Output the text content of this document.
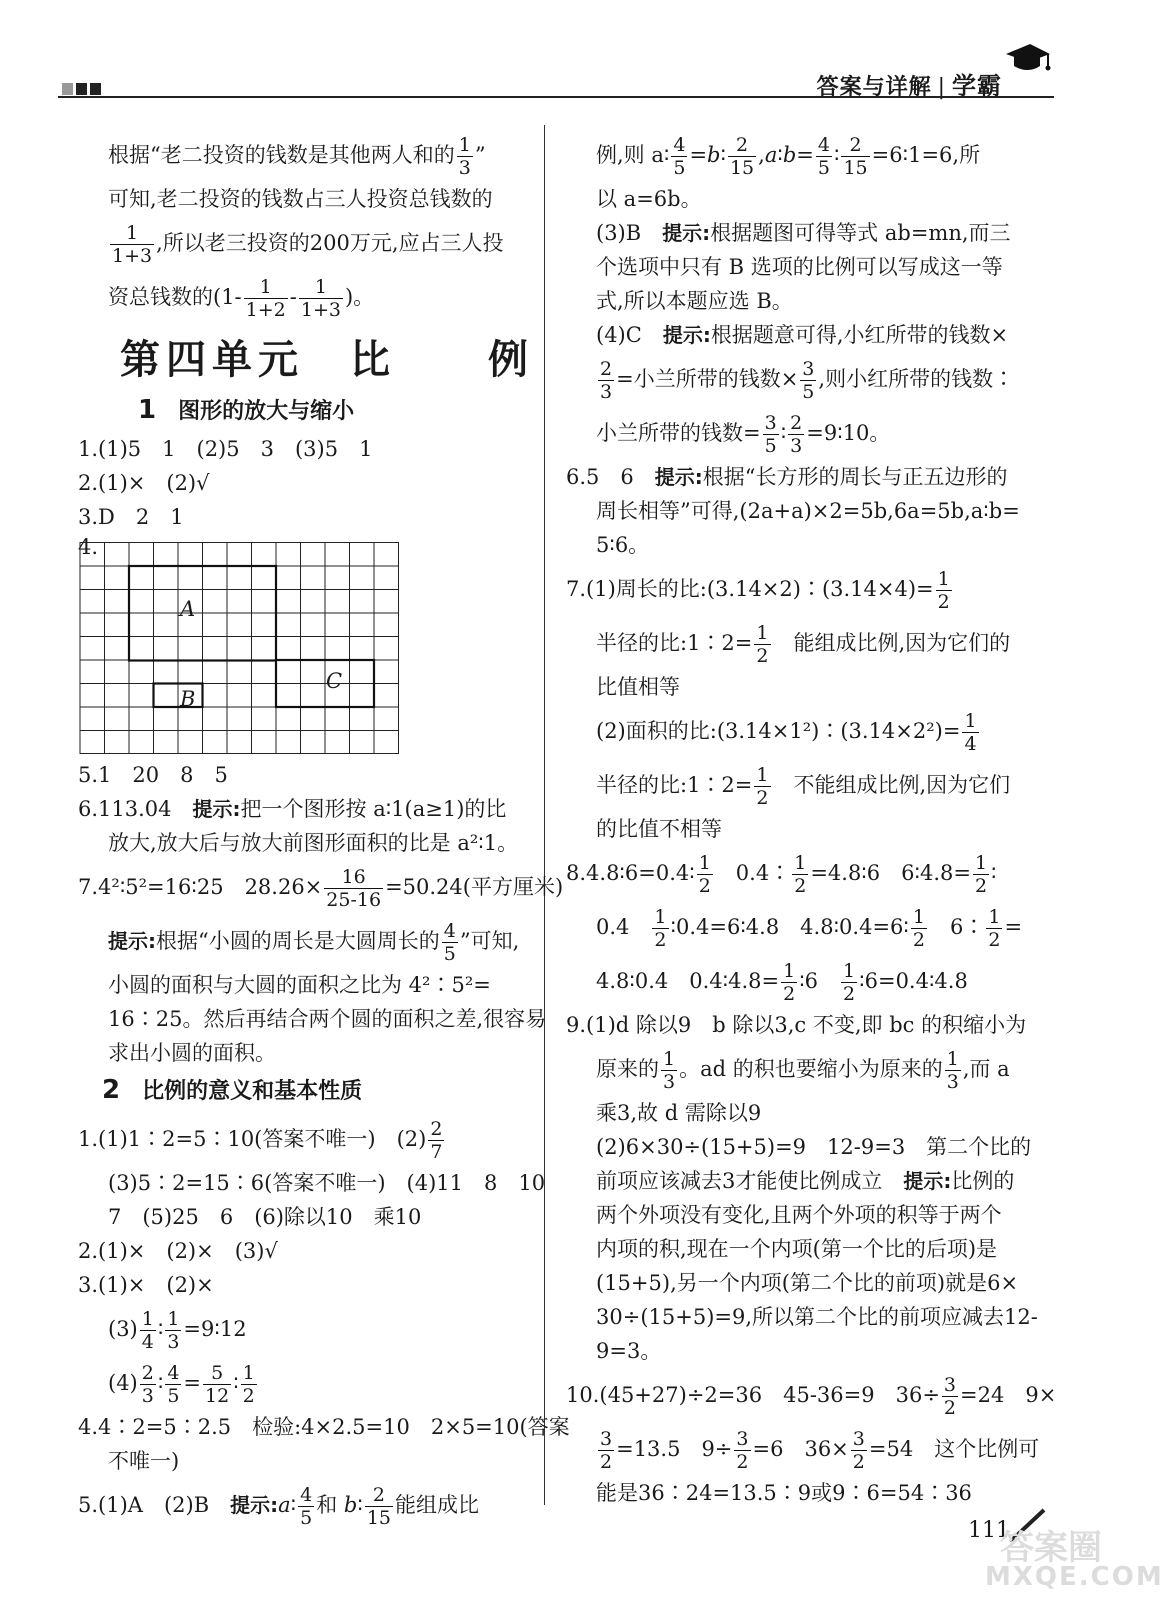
答案与详解 | 学霸
根据“老二投资的钱数是其他两人和的 $\frac{1}{3}$ ”
可知,老二投资的钱数占三人投资总钱数的
$\frac{1}{1+3}$ ,所以老三投资的200万元,应占三人投
资总钱数的($1- \frac{1}{1+2} - \frac{1}{1+3}$ )。
第四单元　比　　例
1 图形的放大与缩小
1.(1)5　1　(2)5　3　(3)5　1
2.(1)×　(2)√
3.D　2　1
4.
A
B
C
5.1　20　8　5
6.113.04　提示:把一个图形按 a∶1(a≥1)的比
放大,放大后与放大前图形面积的比是 a²∶1。
7.4²∶5²=16∶25　$28.26\times \frac{16}{25-16} =50.24$(平方厘米)
提示:根据“小圆的周长是大圆周长的 $\frac{4}{5}$ ”可知,
小圆的面积与大圆的面积之比为 4²∶5²=
16∶25。然后再结合两个圆的面积之差,很容易
求出小圆的面积。
2 比例的意义和基本性质
1.(1)1∶2=5∶10(答案不唯一)　$(2) \frac{2}{7}$
(3)5∶2=15∶6(答案不唯一)　(4)11　8　10
7　(5)25　6　(6)除以10　乘10
2.(1)×　(2)×　(3)√
3.(1)×　(2)×
$(3) \frac{1}{4}$ ∶ $\frac{1}{3}$ =9∶12
$(4) \frac{2}{3}$ ∶ $\frac{4}{5} = \frac{5}{12}$ ∶ $\frac{1}{2}$
4.4∶2=5∶2.5　检验:4×2.5=10　2×5=10(答案
不唯一)
5.(1)A　(2)B　提示:a∶ $\frac{4}{5}$ 和 b∶ $\frac{2}{15}$ 能组成比
例,则 a∶ $\frac{4}{5}$ =b∶ $\frac{2}{15}$ ,a∶b= $\frac{4}{5}$ ∶ $\frac{2}{15}$ =6∶1=6,所
以 a=6b。
(3)B　提示:根据题图可得等式 ab=mn,而三
个选项中只有 B 选项的比例可以写成这一等
式,所以本题应选 B。
(4)C　提示:根据题意可得,小红所带的钱数×
$\frac{2}{3}$ =小兰所带的钱数× $\frac{3}{5}$ ,则小红所带的钱数∶
小兰所带的钱数= $\frac{3}{5}$ ∶ $\frac{2}{3}$ =9∶10。
6.5　6　提示:根据“长方形的周长与正五边形的
周长相等”可得,(2a+a)×2=5b,6a=5b,a∶b=
5∶6。
7.(1)周长的比:(3.14×2)∶(3.14×4)= $\frac{1}{2}$
半径的比:1∶2= $\frac{1}{2}$ 　能组成比例,因为它们的
比值相等
(2)面积的比:(3.14×1²)∶(3.14×2²)= $\frac{1}{4}$
半径的比:1∶2= $\frac{1}{2}$ 　不能组成比例,因为它们
的比值不相等
8.4.8∶6=0.4∶ $\frac{1}{2}$ 　0.4∶ $\frac{1}{2}$ =4.8∶6　6∶4.8= $\frac{1}{2}$ ∶
0.4　 $\frac{1}{2}$ ∶0.4=6∶4.8　4.8∶0.4=6∶ $\frac{1}{2}$ 　6∶ $\frac{1}{2}$ =
4.8∶0.4　0.4∶4.8= $\frac{1}{2}$ ∶6　 $\frac{1}{2}$ ∶6=0.4∶4.8
9.(1)d 除以9　b 除以3,c 不变,即 bc 的积缩小为
原来的 $\frac{1}{3}$ 。ad 的积也要缩小为原来的 $\frac{1}{3}$ ,而 a
乘3,故 d 需除以9
(2)6×30÷(15+5)=9　12-9=3　第二个比的
前项应该减去3才能使比例成立　提示:比例的
两个外项没有变化,且两个外项的积等于两个
内项的积,现在一个内项(第一个比的后项)是
(15+5),另一个内项(第二个比的前项)就是6×
30÷(15+5)=9,所以第二个比的前项应减去12-
9=3。
10.(45+27)÷2=36　45-36=9　$36\div \frac{3}{2} =24$　9×
$\frac{3}{2} =13.5$　$9\div \frac{3}{2} =6$　$36\times \frac{3}{2} =54$　这个比例可
能是36∶24=13.5∶9或9∶6=54∶36
111
答案圈
MXQE.COM
